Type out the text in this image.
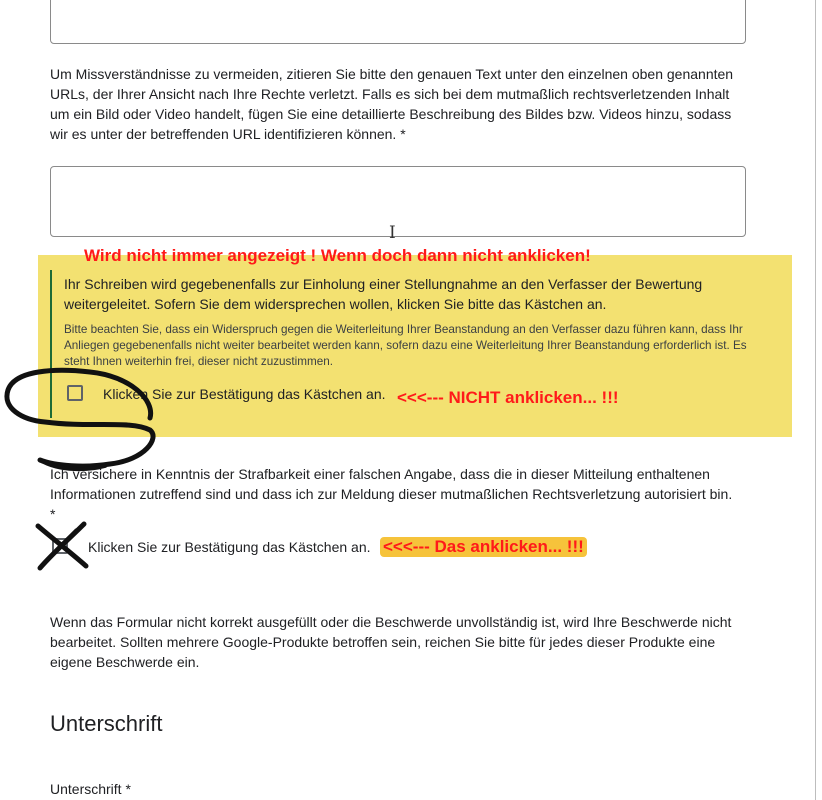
Um Missverständnisse zu vermeiden, zitieren Sie bitte den genauen Text unter den einzelnen oben genannten URLs, der Ihrer Ansicht nach Ihre Rechte verletzt. Falls es sich bei dem mutmaßlich rechtsverletzenden Inhalt um ein Bild oder Video handelt, fügen Sie eine detaillierte Beschreibung des Bildes bzw. Videos hinzu, sodass wir es unter der betreffenden URL identifizieren können. *
I
Wird nicht immer angezeigt ! Wenn doch dann nicht anklicken!
Ihr Schreiben wird gegebenenfalls zur Einholung einer Stellungnahme an den Verfasser der Bewertung weitergeleitet. Sofern Sie dem widersprechen wollen, klicken Sie bitte das Kästchen an.
Bitte beachten Sie, dass ein Widerspruch gegen die Weiterleitung Ihrer Beanstandung an den Verfasser dazu führen kann, dass Ihr Anliegen gegebenenfalls nicht weiter bearbeitet werden kann, sofern dazu eine Weiterleitung Ihrer Beanstandung erforderlich ist. Es steht Ihnen weiterhin frei, dieser nicht zuzustimmen.
Klicken Sie zur Bestätigung das Kästchen an. <<<--- NICHT anklicken... !!!
Ich versichere in Kenntnis der Strafbarkeit einer falschen Angabe, dass die in dieser Mitteilung enthaltenen Informationen zutreffend sind und dass ich zur Meldung dieser mutmaßlichen Rechtsverletzung autorisiert bin. *
Klicken Sie zur Bestätigung das Kästchen an. <<<--- Das anklicken... !!!
Wenn das Formular nicht korrekt ausgefüllt oder die Beschwerde unvollständig ist, wird Ihre Beschwerde nicht bearbeitet. Sollten mehrere Google-Produkte betroffen sein, reichen Sie bitte für jedes dieser Produkte eine eigene Beschwerde ein.
Unterschrift
Unterschrift *
